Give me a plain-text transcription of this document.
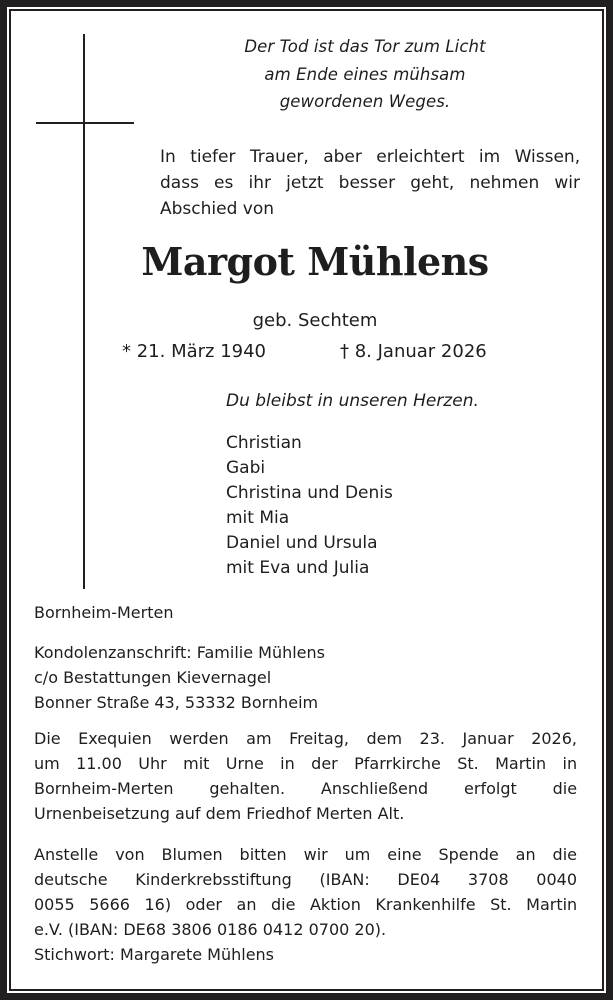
Der Tod ist das Tor zum Licht
am Ende eines mühsam
gewordenen Weges.
In tiefer Trauer, aber erleichtert im Wissen,
dass es ihr jetzt besser geht, nehmen wir
Abschied von
Margot Mühlens
geb. Sechtem
* 21. März 1940	† 8. Januar 2026
Du bleibst in unseren Herzen.
Christian
Gabi
Christina und Denis
mit Mia
Daniel und Ursula
mit Eva und Julia
Bornheim-Merten
Kondolenzanschrift: Familie Mühlens
c/o Bestattungen Kievernagel
Bonner Straße 43, 53332 Bornheim
Die Exequien werden am Freitag, dem 23. Januar 2026,
um 11.00 Uhr mit Urne in der Pfarrkirche St. Martin in
Bornheim-Merten gehalten. Anschließend erfolgt die
Urnenbeisetzung auf dem Friedhof Merten Alt.
Anstelle von Blumen bitten wir um eine Spende an die
deutsche Kinderkrebsstiftung (IBAN: DE04 3708 0040
0055 5666 16) oder an die Aktion Krankenhilfe St. Martin
e.V. (IBAN: DE68 3806 0186 0412 0700 20).
Stichwort: Margarete Mühlens
